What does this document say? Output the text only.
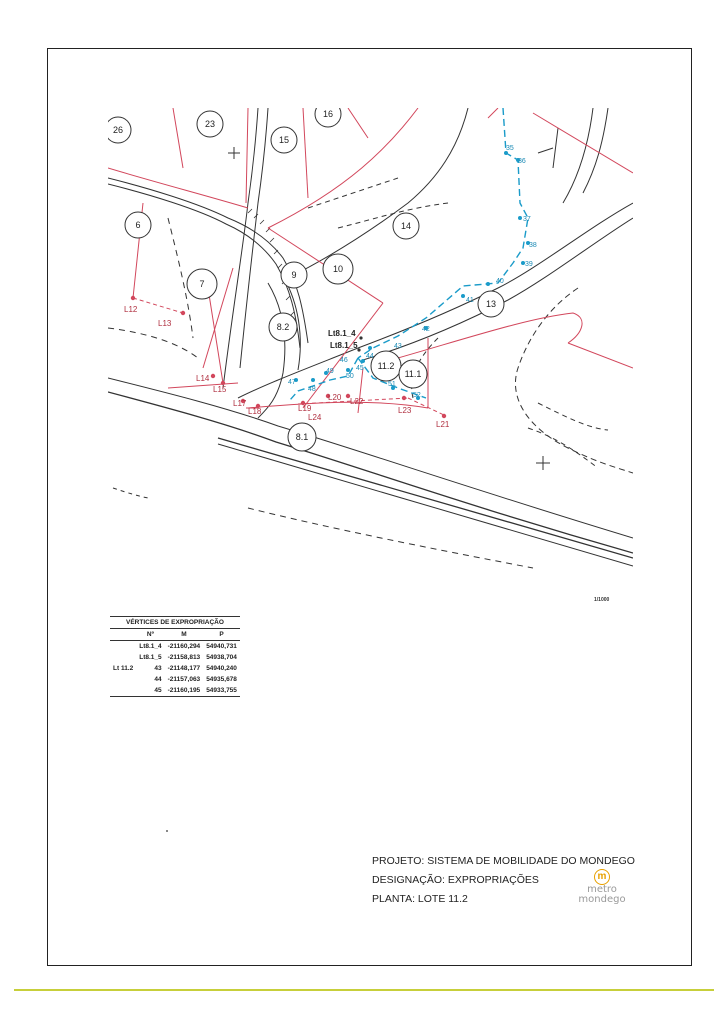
26
23
15
16
6	14
7
9
10
13
8.2
11.2
11.1
8.1
L12
L13
L14
L15
L17
L18	L19
L20
L21
L22
L23
L24
35
36
37
38
39
40
41
42
43
44
45
46
47
48
49
50
51
52
Lt8.1_4
Lt8.1_5
1/1000
VÉRTICES DE EXPROPRIAÇÃO			
	Nº	M	P
	Lt8.1_4	-21160,294	54940,731
	Lt8.1_5	-21158,813	54938,704
Lt 11.2	43	-21148,177	54940,240
	44	-21157,063	54935,678
	45	-21160,195	54933,755
PROJETO: SISTEMA DE MOBILIDADE DO MONDEGO
DESIGNAÇÃO: EXPROPRIAÇÕES
PLANTA: LOTE 11.2
m
metro
mondego
